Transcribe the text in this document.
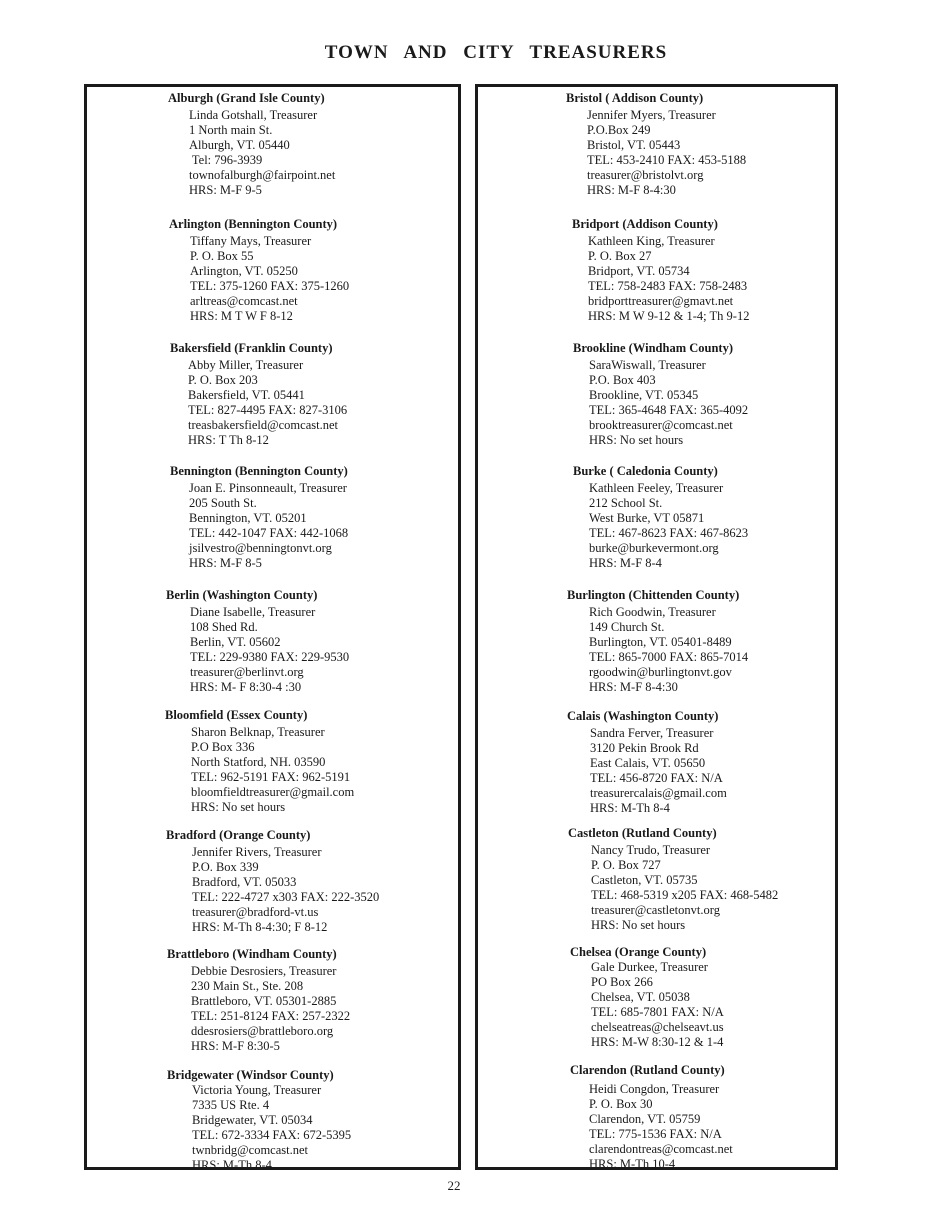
TOWN AND CITY TREASURERS
Alburgh (Grand Isle County)
Linda Gotshall, Treasurer
1 North main St.
Alburgh, VT. 05440
Tel: 796-3939
townofalburgh@fairpoint.net
HRS: M-F 9-5
Arlington (Bennington County)
Tiffany Mays, Treasurer
P. O. Box 55
Arlington, VT. 05250
TEL: 375-1260 FAX: 375-1260
arltreas@comcast.net
HRS: M T W F 8-12
Bakersfield (Franklin County)
Abby Miller, Treasurer
P. O. Box 203
Bakersfield, VT. 05441
TEL: 827-4495 FAX: 827-3106
treasbakersfield@comcast.net
HRS: T Th 8-12
Bennington (Bennington County)
Joan E. Pinsonneault, Treasurer
205 South St.
Bennington, VT. 05201
TEL: 442-1047 FAX: 442-1068
jsilvestro@benningtonvt.org
HRS: M-F 8-5
Berlin (Washington County)
Diane Isabelle, Treasurer
108 Shed Rd.
Berlin, VT. 05602
TEL: 229-9380 FAX: 229-9530
treasurer@berlinvt.org
HRS: M- F 8:30-4 :30
Bloomfield (Essex County)
Sharon Belknap, Treasurer
P.O Box 336
North Statford, NH. 03590
TEL: 962-5191 FAX: 962-5191
bloomfieldtreasurer@gmail.com
HRS: No set hours
Bradford (Orange County)
Jennifer Rivers, Treasurer
P.O. Box 339
Bradford, VT. 05033
TEL: 222-4727 x303 FAX: 222-3520
treasurer@bradford-vt.us
HRS: M-Th 8-4:30; F 8-12
Brattleboro (Windham County)
Debbie Desrosiers, Treasurer
230 Main St., Ste. 208
Brattleboro, VT. 05301-2885
TEL: 251-8124 FAX: 257-2322
ddesrosiers@brattleboro.org
HRS: M-F 8:30-5
Bridgewater (Windsor County)
Victoria Young, Treasurer
7335 US Rte. 4
Bridgewater, VT. 05034
TEL: 672-3334 FAX: 672-5395
twnbridg@comcast.net
HRS: M-Th 8-4
Bristol ( Addison County)
Jennifer Myers, Treasurer
P.O.Box 249
Bristol, VT. 05443
TEL: 453-2410 FAX: 453-5188
treasurer@bristolvt.org
HRS: M-F 8-4:30
Bridport (Addison County)
Kathleen King, Treasurer
P. O. Box 27
Bridport, VT. 05734
TEL: 758-2483 FAX: 758-2483
bridporttreasurer@gmavt.net
HRS: M W 9-12 & 1-4; Th 9-12
Brookline (Windham County)
SaraWiswall, Treasurer
P.O. Box 403
Brookline, VT. 05345
TEL: 365-4648 FAX: 365-4092
brooktreasurer@comcast.net
HRS: No set hours
Burke ( Caledonia County)
Kathleen Feeley, Treasurer
212 School St.
West Burke, VT 05871
TEL: 467-8623 FAX: 467-8623
burke@burkevermont.org
HRS: M-F 8-4
Burlington (Chittenden County)
Rich Goodwin, Treasurer
149 Church St.
Burlington, VT. 05401-8489
TEL: 865-7000 FAX: 865-7014
rgoodwin@burlingtonvt.gov
HRS: M-F 8-4:30
Calais (Washington County)
Sandra Ferver, Treasurer
3120 Pekin Brook Rd
East Calais, VT. 05650
TEL: 456-8720 FAX: N/A
treasurercalais@gmail.com
HRS: M-Th 8-4
Castleton (Rutland County)
Nancy Trudo, Treasurer
P. O. Box 727
Castleton, VT. 05735
TEL: 468-5319 x205 FAX: 468-5482
treasurer@castletonvt.org
HRS: No set hours
Chelsea (Orange County)
Gale Durkee, Treasurer
PO Box 266
Chelsea, VT. 05038
TEL: 685-7801 FAX: N/A
chelseatreas@chelseavt.us
HRS: M-W 8:30-12 & 1-4
Clarendon (Rutland County)
Heidi Congdon, Treasurer
P. O. Box 30
Clarendon, VT. 05759
TEL: 775-1536 FAX: N/A
clarendontreas@comcast.net
HRS: M-Th 10-4
22
